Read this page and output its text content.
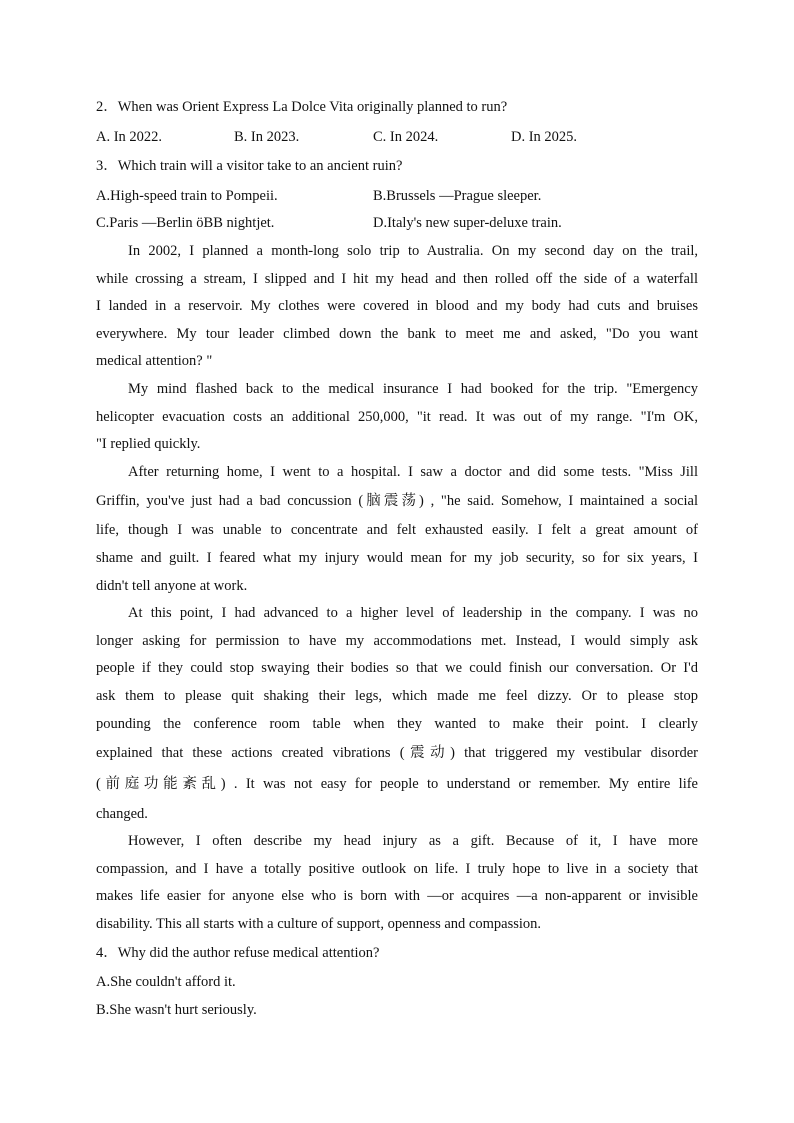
2．When was Orient Express La Dolce Vita originally planned to run?
A. In 2022.	B. In 2023.	C. In 2024.	D. In 2025.
3．Which train will a visitor take to an ancient ruin?
A.High-speed train to Pompeii.	B.Brussels —Prague sleeper.
C.Paris —Berlin öBB nightjet.	D.Italy's new super-deluxe train.
In 2002, I planned a month-long solo trip to Australia. On my second day on the trail,
while crossing a stream, I slipped and I hit my head and then rolled off the side of a waterfall
I landed in a reservoir. My clothes were covered in blood and my body had cuts and bruises
everywhere. My tour leader climbed down the bank to meet me and asked, "Do you want
medical attention? "
My mind flashed back to the medical insurance I had booked for the trip. "Emergency
helicopter evacuation costs an additional 250,000, "it read. It was out of my range. "I'm OK,
"I replied quickly.
After returning home, I went to a hospital. I saw a doctor and did some tests. "Miss Jill
Griffin, you've just had a bad concussion (脑震荡) , "he said. Somehow, I maintained a social
life, though I was unable to concentrate and felt exhausted easily. I felt a great amount of
shame and guilt. I feared what my injury would mean for my job security, so for six years, I
didn't tell anyone at work.
At this point, I had advanced to a higher level of leadership in the company. I was no
longer asking for permission to have my accommodations met. Instead, I would simply ask
people if they could stop swaying their bodies so that we could finish our conversation. Or I'd
ask them to please quit shaking their legs, which made me feel dizzy. Or to please stop
pounding the conference room table when they wanted to make their point. I clearly
explained that these actions created vibrations (震动) that triggered my vestibular disorder
(前庭功能紊乱) . It was not easy for people to understand or remember. My entire life
changed.
However, I often describe my head injury as a gift. Because of it, I have more
compassion, and I have a totally positive outlook on life. I truly hope to live in a society that
makes life easier for anyone else who is born with —or acquires —a non-apparent or invisible
disability. This all starts with a culture of support, openness and compassion.
4．Why did the author refuse medical attention?
A.She couldn't afford it.
B.She wasn't hurt seriously.
